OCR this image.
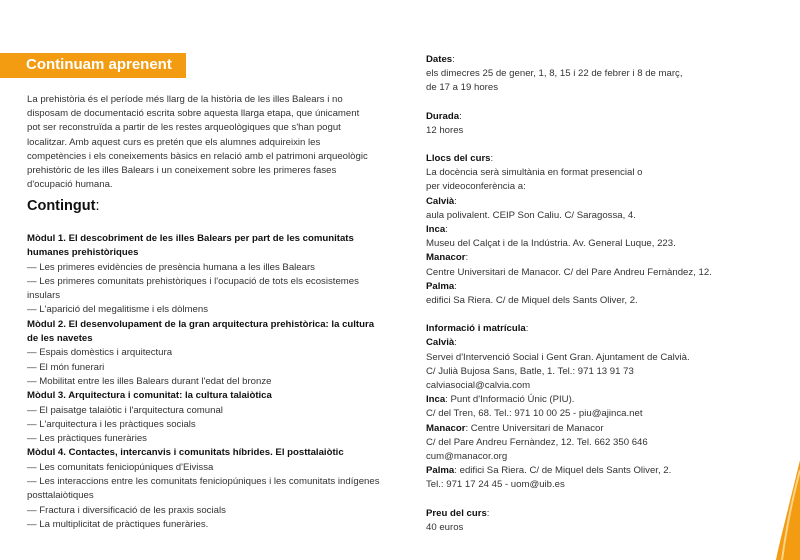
Continuam aprenent
La prehistòria és el període més llarg de la història de les illes Balears i no disposam de documentació escrita sobre aquesta llarga etapa, que únicament pot ser reconstruïda a partir de les restes arqueològiques que s'han pogut localitzar. Amb aquest curs es pretén que els alumnes adquireixin les competències i els coneixements bàsics en relació amb el patrimoni arqueològic prehistòric de les illes Balears i un coneixement sobre les primeres fases d'ocupació humana.
Contingut:
Mòdul 1. El descobriment de les illes Balears per part de les comunitats humanes prehistòriques
— Les primeres evidències de presència humana a les illes Balears
— Les primeres comunitats prehistòriques i l'ocupació de tots els ecosistemes insulars
— L'aparició del megalitisme i els dòlmens
Mòdul 2. El desenvolupament de la gran arquitectura prehistòrica: la cultura de les navetes
— Espais domèstics i arquitectura
— El món funerari
— Mobilitat entre les illes Balears durant l'edat del bronze
Mòdul 3. Arquitectura i comunitat: la cultura talaiòtica
— El paisatge talaiòtic i l'arquitectura comunal
— L'arquitectura i les pràctiques socials
— Les pràctiques funeràries
Mòdul 4. Contactes, intercanvis i comunitats híbrides. El posttalaiòtic
— Les comunitats feniciopúniques d'Eivissa
— Les interaccions entre les comunitats feniciopúniques i les comunitats indígenes posttalaiòtiques
— Fractura i diversificació de les praxis socials
— La multiplicitat de pràctiques funeràries.
Dates:
els dimecres 25 de gener, 1, 8, 15 i 22 de febrer i 8 de març,
de 17 a 19 hores
Durada:
12 hores
Llocs del curs:
La docència serà simultània en format presencial o
per videoconferència a:
Calvià:
aula polivalent. CEIP Son Caliu. C/ Saragossa, 4.
Inca:
Museu del Calçat i de la Indústria. Av. General Luque, 223.
Manacor:
Centre Universitari de Manacor. C/ del Pare Andreu Fernàndez, 12.
Palma:
edifici Sa Riera. C/ de Miquel dels Sants Oliver, 2.
Informació i matrícula:
Calvià:
Servei d'Intervenció Social i Gent Gran. Ajuntament de Calvià.
C/ Julià Bujosa Sans, Batle, 1. Tel.: 971 13 91 73
calviasocial@calvia.com
Inca: Punt d'Informació Únic (PIU).
C/ del Tren, 68. Tel.: 971 10 00 25 - piu@ajinca.net
Manacor: Centre Universitari de Manacor
C/ del Pare Andreu Fernàndez, 12. Tel. 662 350 646
cum@manacor.org
Palma: edifici Sa Riera. C/ de Miquel dels Sants Oliver, 2.
Tel.: 971 17 24 45 - uom@uib.es
Preu del curs:
40 euros
